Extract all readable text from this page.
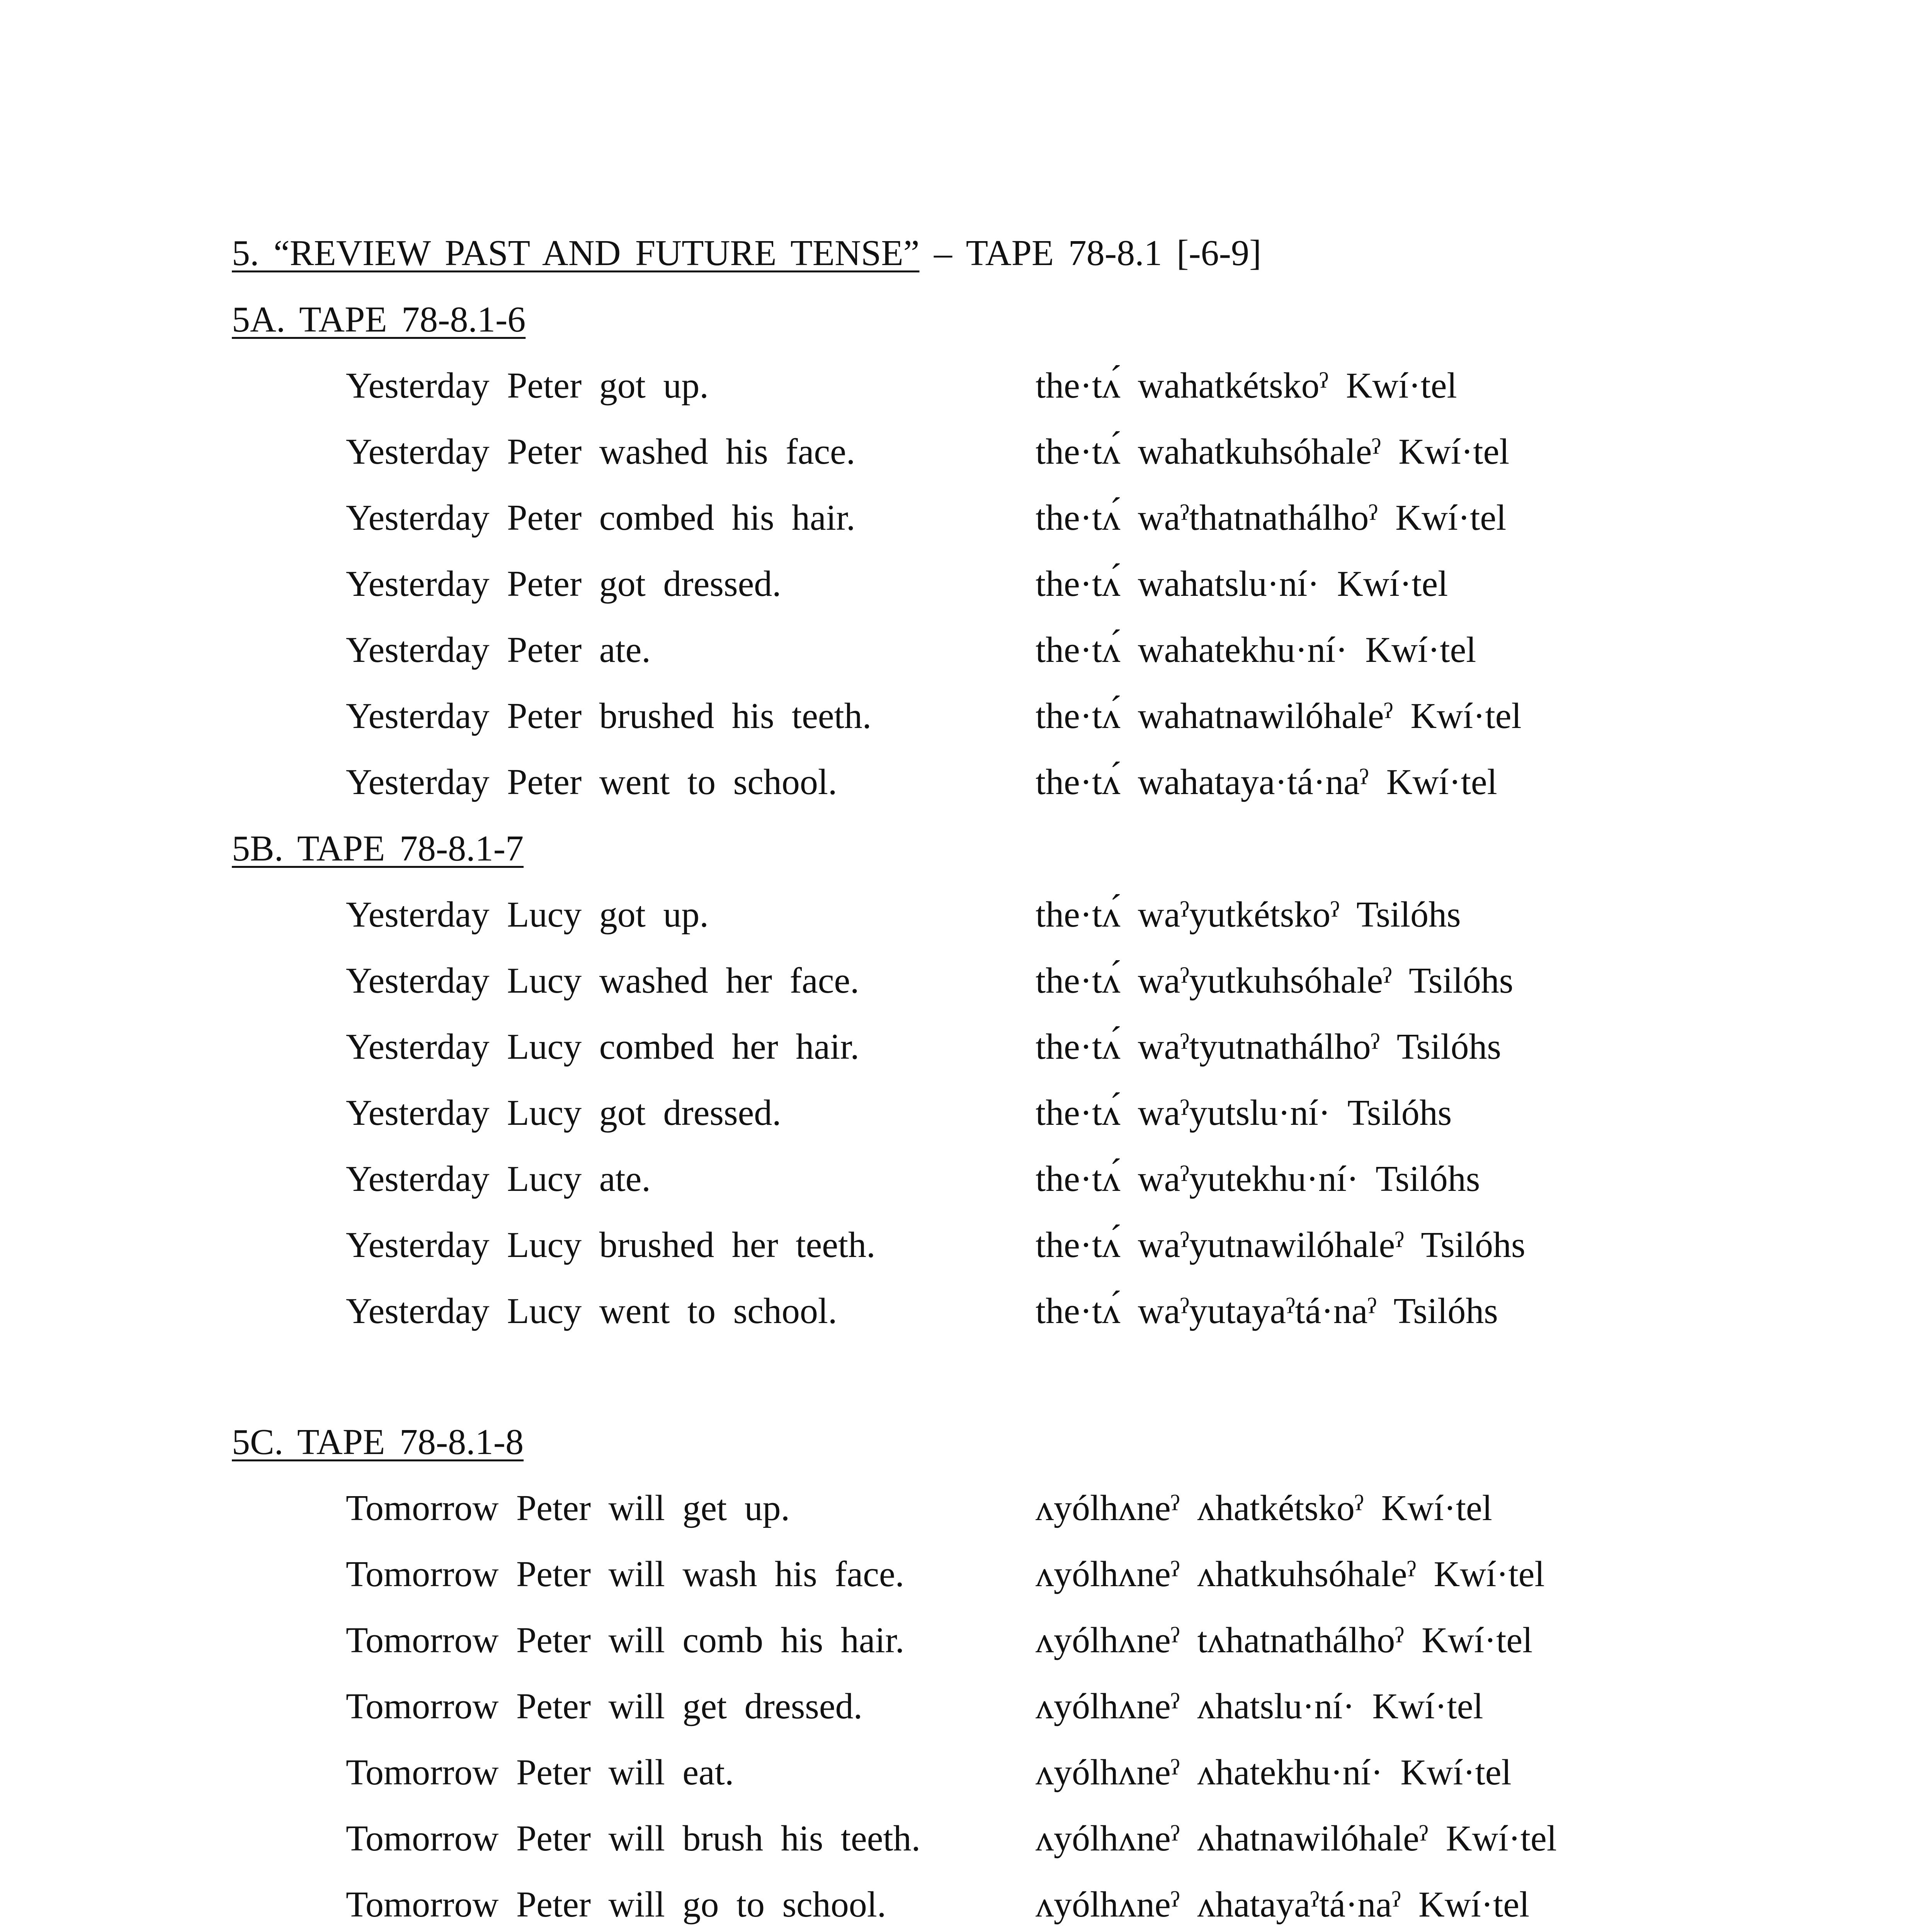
5. “REVIEW PAST AND FUTURE TENSE” – TAPE 78-8.1 [-6-9]
5A. TAPE 78-8.1-6
Yesterday Peter got up.	the·tʌ́ wahatkétskoˀ Kwí·tel
Yesterday Peter washed his face.	the·tʌ́ wahatkuhsóhaleˀ Kwí·tel
Yesterday Peter combed his hair.	the·tʌ́ waˀthatnathálhoˀ Kwí·tel
Yesterday Peter got dressed.	the·tʌ́ wahatslu·ní· Kwí·tel
Yesterday Peter ate.	the·tʌ́ wahatekhu·ní· Kwí·tel
Yesterday Peter brushed his teeth.	the·tʌ́ wahatnawilóhaleˀ Kwí·tel
Yesterday Peter went to school.	the·tʌ́ wahataya·tá·naˀ Kwí·tel
5B. TAPE 78-8.1-7
Yesterday Lucy got up.	the·tʌ́ waˀyutkétskoˀ Tsilóhs
Yesterday Lucy washed her face.	the·tʌ́ waˀyutkuhsóhaleˀ Tsilóhs
Yesterday Lucy combed her hair.	the·tʌ́ waˀtyutnathálhoˀ Tsilóhs
Yesterday Lucy got dressed.	the·tʌ́ waˀyutslu·ní· Tsilóhs
Yesterday Lucy ate.	the·tʌ́ waˀyutekhu·ní· Tsilóhs
Yesterday Lucy brushed her teeth.	the·tʌ́ waˀyutnawilóhaleˀ Tsilóhs
Yesterday Lucy went to school.	the·tʌ́ waˀyutayaˀtá·naˀ Tsilóhs
5C. TAPE 78-8.1-8
Tomorrow Peter will get up.	ʌyólhʌneˀ ʌhatkétskoˀ Kwí·tel
Tomorrow Peter will wash his face.	ʌyólhʌneˀ ʌhatkuhsóhaleˀ Kwí·tel
Tomorrow Peter will comb his hair.	ʌyólhʌneˀ tʌhatnathálhoˀ Kwí·tel
Tomorrow Peter will get dressed.	ʌyólhʌneˀ ʌhatslu·ní· Kwí·tel
Tomorrow Peter will eat.	ʌyólhʌneˀ ʌhatekhu·ní· Kwí·tel
Tomorrow Peter will brush his teeth.	ʌyólhʌneˀ ʌhatnawilóhaleˀ Kwí·tel
Tomorrow Peter will go to school.	ʌyólhʌneˀ ʌhatayaˀtá·naˀ Kwí·tel
